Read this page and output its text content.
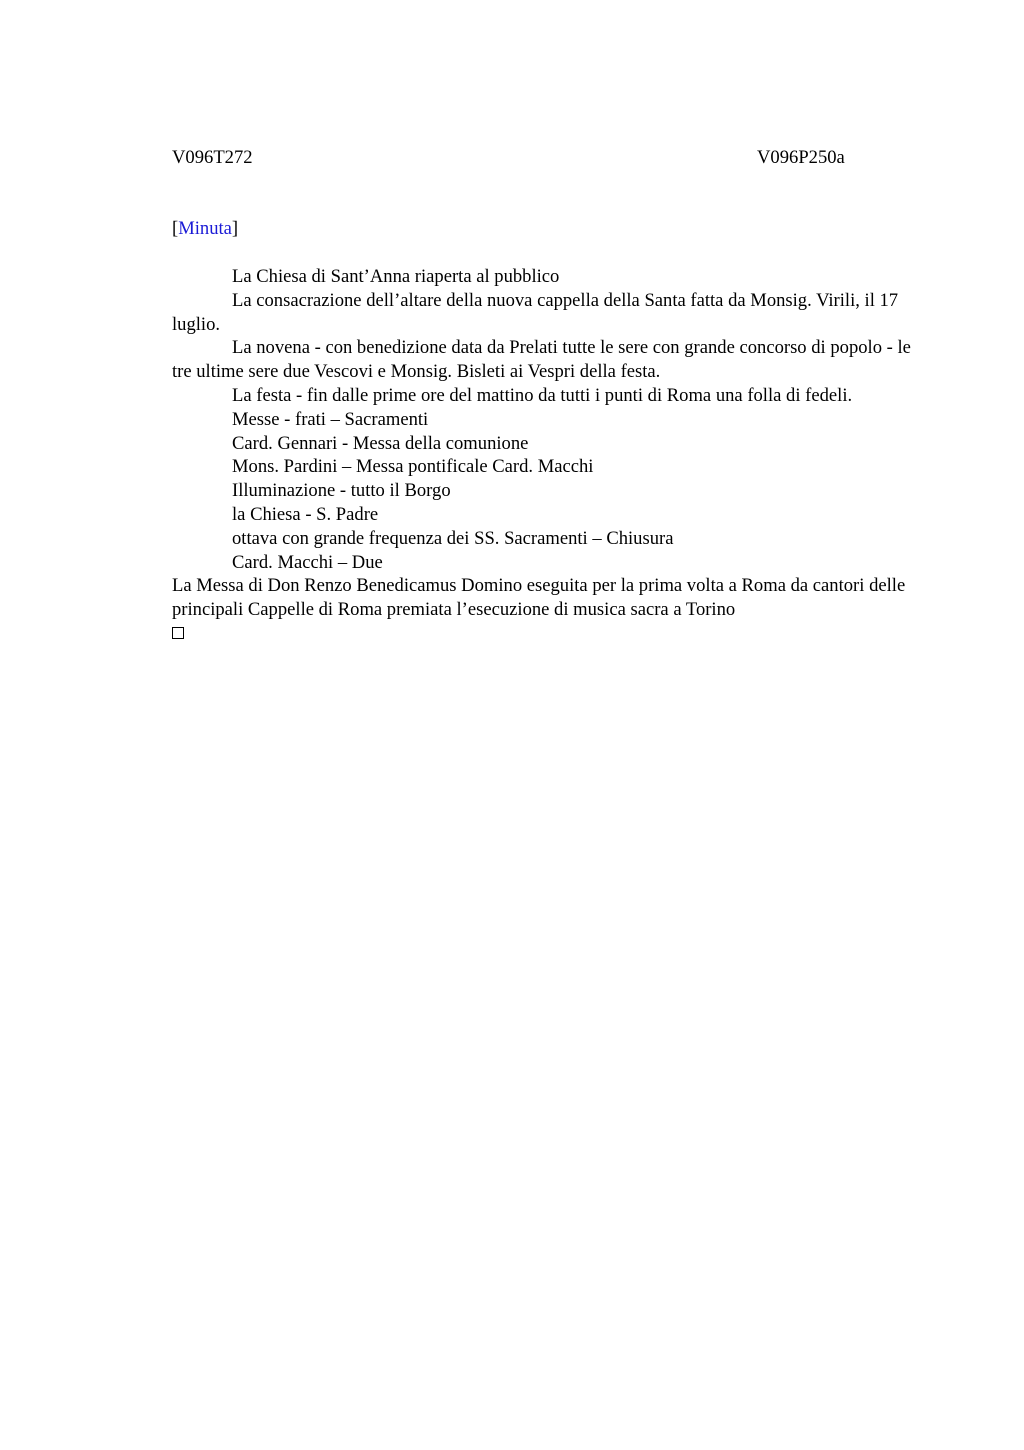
V096T272	V096P250a
[Minuta]

La Chiesa di Sant’Anna riaperta al pubblico

La consacrazione dell’altare della nuova cappella della Santa fatta da Monsig. Virili, il 17 luglio.

La novena - con benedizione data da Prelati tutte le sere con grande concorso di popolo - le tre ultime sere due Vescovi e Monsig. Bisleti ai Vespri della festa.

La festa - fin dalle prime ore del mattino da tutti i punti di Roma una folla di fedeli.

Messe - frati – Sacramenti

Card. Gennari - Messa della comunione

Mons. Pardini – Messa pontificale Card. Macchi

Illuminazione - tutto il Borgo

la Chiesa - S. Padre

ottava con grande frequenza dei SS. Sacramenti – Chiusura

Card. Macchi – Due

La Messa di Don Renzo Benedicamus Domino eseguita per la prima volta a Roma da cantori delle principali Cappelle di Roma premiata l’esecuzione di musica sacra a Torino
